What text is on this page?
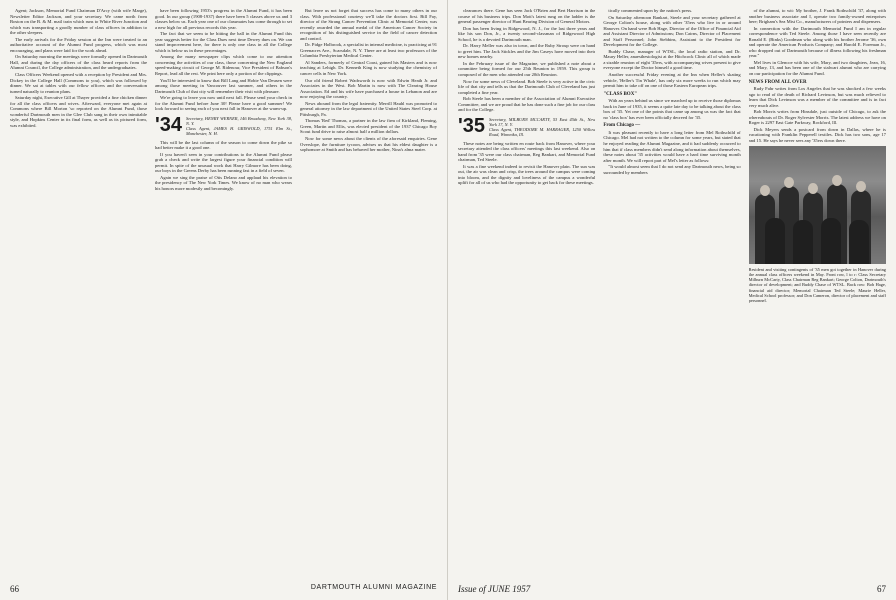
Agent; Jackson, Memorial Fund Chairman D'Arcy (with wife Marge), Newsletter Editor Jackson, and your secretary. We came north from Boston on the B. & M. mail train which runs to White River Junction and which was transporting a goodly number of class officers in addition to the other sleepers.

The early arrivals for the Friday session at the Inn were treated to an authoritative account of the Alumni Fund progress, which was most encouraging, and plans were laid for the work ahead.

On Saturday morning the meetings were formally opened in Dartmouth Hall, and during the day officers of the class heard reports from the Alumni Council, the College administration, and the undergraduates.

Class Officers Weekend opened with a reception by President and Mrs. Dickey in the College Hall (Commons to you), which was followed by dinner. We sat at tables with our fellow officers and the conversation turned naturally to reunion plans.

Saturday night, Executive Gill at Thayer provided a fine chicken dinner for all the class officers and wives. Afterward, everyone met again at Commons where Bill Morton 'so reported on the Alumni Fund, those wonderful Dartmouth men in the Glee Club sang in their own inimitable style, and Hopkins Center in its final form, as well as its pictured form, was exhibited.

have been following 1953's progress in the Alumni Fund, it has been good. In our group (1908-1937) there have been 5 classes above us and 3 classes below us. Each year one of our classmates has come through to set a new high for all previous records this year.

The fact that we seem to be hitting the ball in the Alumni Fund this year suggests better for the Class Dues next time Dewey dues on. We can stand improvement here, for there is only one class in all the College which is below us in these percentages.

Among the many newspaper clips which come to our attention concerning the activities of our class, those concerning the New England speed-making circuit of George M. Ridenour, Vice President of Babson's Report, lead all the rest. We print here only a portion of the clippings.

You'll be interested to know that Bill Lang and Hobie Van Deusen were among those meeting in Vancouver last summer, and others in the Dartmouth Club of that city will remember their visit with pleasure.

We're going to leave you now until next fall. Please send your check in for the Alumni Fund before June 30! Please have a good summer! We look forward to seeing each of you next fall in Hanover at the warm-up.

'34 Secretary, HENRY WERNER, 146 Broadway, New York 38, N. Y.
Class Agent, JAMES H. GRISWOLD, 1751 Elm St., Manchester, N. H.

This will be the last column of the season to come down the pike so had better make it a good one.

If you haven't seen in your contributions to the Alumni Fund please grab a check and write the largest figure your financial condition will permit. In spite of the unusual work that Harry Gilmore has been doing, our boys in the Greens Derby has been running fast in a field of seven.

Again we sing the praise of Otis Delano and applaud his elevation to the presidency of The New York Times. We know of no man who wears his honors more modestly and becomingly.

But leave us not forget that success has come to many others in our class. With professional courtesy we'll take the doctors first. Bill Fay, director of the Strang Cancer Prevention Clinic at Memorial Center, was recently awarded the annual medal of the American Cancer Society in recognition of his distinguished service in the field of cancer detection and control.

Dr. Pidge Holbrook, a specialist in internal medicine, is practicing at 91 Greenacres Ave., Scarsdale, N. Y. There are at least two professors of the Columbia Presbyterian Medical Center.

Al Sanders, formerly of Central Coast, gained his Masters and is now teaching at Lehigh. Dr. Kenneth King is now studying the chemistry of cancer cells in New York.

Our old friend Robert Wadsworth is now with Edwin Heath Jr. and Associates in the West. Bob Martin is now with The Clearing House Association. Ed and his wife have purchased a house in Lebanon and are now enjoying the country.

News abound from the legal fraternity. Merrill Hauhl was promoted to general attorney in the law department of the United States Steel Corp. at Pittsburgh, Pa.

Thomas 'Red' Thomas, a partner in the law firm of Kirkland, Fleming, Green, Martin and Ellis, was elected president of the 1937 Chicago Boy Scout fund drive to raise almost half a million dollars.

Now for some news about the clients of the aforesaid enquiries. Gene Overslope, the furniture tycoon, advises us that his eldest daughter is a sophomore at Smith and has behaved her mother, Nina's alma mater.

66	DARTMOUTH ALUMNI MAGAZINE

clearances there. Gene has seen Jack O'Brien and Bert Harrison in the course of his business trips. Don Mott's latest rung on the ladder is the general passenger director of Hunt Bearing Division of General Motors.

Don has been living in Ridgewood, N. J., for the last three years and like his son Don, Jr., a twenty second-classman of Ridgewood High School, he is a devoted Dartmouth man.

Dr. Harry Meller was also in town, and the Ruby Stroup were on hand to greet him. The Jack Stickles and the Jim Caseys have moved into their new homes nearby.

In the February issue of the Magazine, we published a note about a committee being formed for our 25th Reunion in 1959. This group is composed of the men who attended our 20th Reunion.

Now for some news of Cleveland. Bob Steele is very active in the civic life of that city and tells us that the Dartmouth Club of Cleveland has just completed a fine year.

Bob Steele has been a member of the Association of Alumni Executive Committee, and we are proud that he has done such a fine job for our class and for the College.

'35 Secretary, MILBURN MCCARTY, 53 East 45th St., New York 17, N. Y.
Class Agent, THEODORE M. HARRAGER, 1250 Willow Road, Winnetka, Ill.

These notes are being written en route back from Hanover, where your secretary attended the class officers' meetings this last weekend. Also on hand from '35 were our class chairman, Reg Bankart, and Memorial Fund chairman, Ted Steele.

It was a fine weekend indeed to revisit the Hanover plain. The sun was out, the air was clean and crisp, the trees around the campus were coming into bloom, and the dignity and loveliness of the campus a wonderful uplift for all of us who had the opportunity to get back for these meetings.

tically commented upon by the nation's press.

On Saturday afternoon Bankart, Steele and your secretary gathered at George Colton's house, along with other '35ers who live in or around Hanover. On hand were Bob Hage, Director of the Office of Financial Aid and Assistant Director of Admissions; Don Cairns, Director of Placement and Staff Personnel; John Stebbins, Assistant to the President for Development for the College.

Buddy Chase, manager of WTSL, the local radio station, and Dr. Maury Heller, anaesthesiologist at the Hitchcock Clinic all of which made a sizable reunion of eight '35ers, with accompanying wives present to give everyone except the Doctor himself a good time.

Another successful Friday evening at the Inn when Heller's skating vehicle, 'Heller's Tin Whale', has only six more weeks to run which may permit him to take off on one of those Eastern European trips.

"CLASS BOX"

With an years behind us since we marched up to receive those diplomas back in June of 1935, it seems a quite late day to be talking about the class box of '35. Yet one of the points that came up among us was the fact that no 'class box' has ever been officially decreed for '35.

From Chicago —

It was pleasant recently to have a long letter from Mel Rothschild of Chicago. Mel had not written to the column for some years, but stated that he enjoyed reading the Alumni Magazine, and it had suddenly occurred to him that if class members didn't send along information about themselves, these notes about '35 activities would have a hard time surviving month after month. We will report part of Mel's letter as follows:

"It would almost seem that I do not send any Dartmouth news, being so surrounded by members

of the alumni, to wit: My brother, J. Frank Rothschild '37, along with another business associate and I, operate two family-owned enterprises here; Brigham's Sea Mist Co., manufacturers of pointers and dispensers.

In connection with the Dartmouth Memorial Fund I am in regular correspondence with Ted Steele. Among those I have seen recently are Ronald E. (Binks) Goodman who along with his brother Jerome '36, own and operate the American Products Company; and Harold E. Foreman Jr., who dropped out of Dartmouth because of illness following his freshman year."

Mel lives in Glencoe with his wife, Mary, and two daughters, Jean, 16, and Mary, 13, and has been one of the stalwart alumni who are carrying on our participation for the Alumni Fund.

NEWS FROM ALL OVER

Rudy Fahr writes from Los Angeles that he was shocked a few weeks ago to read of the death of Richard Levinson, but was much relieved to learn that Dick Levinson was a member of the committee and is in fact very much alive.

Bob Morris writes from Hinsdale, just outside of Chicago, to ask the whereabouts of Dr. Roger Sylvester Morris. The latest address we have on Roger is 2297 East Gate Parkway, Rockford, Ill.

Dick Meyers sends a postcard from down in Dallas, where he is vacationing with Franklin Pepperell textiles. Dick has two sons, age 17 and 15. He says he never sees any '35ers down there.

Resident and visiting contingents of '35 men got together in Hanover during the annual class officers weekend in May. Front row, l to r: Class Secretary Milburn McCarty, Class Chairman Reg Bankart; George Colton, Dartmouth's director of development; and Buddy Chase of WTSL. Back row: Bob Hage, financial aid director; Memorial Chairman Ted Steele; Maurie Heller, Medical School professor; and Don Cameron, director of placement and staff personnel.
Issue of JUNE 1957	67
